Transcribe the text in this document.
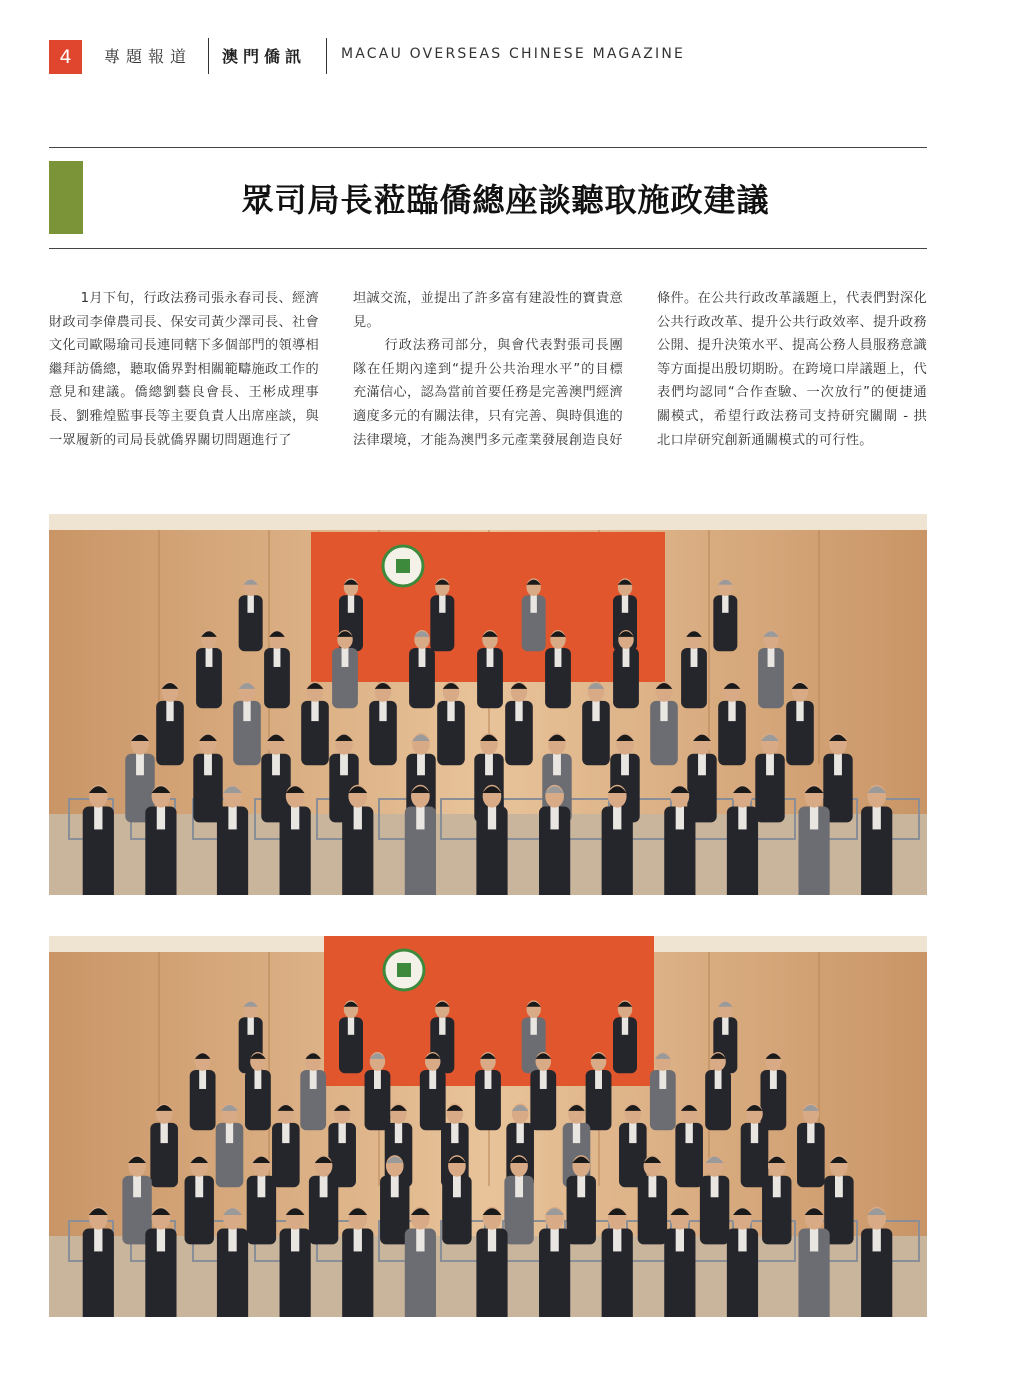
4	專題報道 澳門僑訊 MACAU OVERSEAS CHINESE MAGAZINE
眾司局長蒞臨僑總座談聽取施政建議

1月下旬，行政法務司張永春司長、經濟財政司李偉農司長、保安司黃少澤司長、社會文化司歐陽瑜司長連同轄下多個部門的領導相繼拜訪僑總，聽取僑界對相關範疇施政工作的意見和建議。僑總劉藝良會長、王彬成理事長、劉雅煌監事長等主要負責人出席座談，與一眾履新的司局長就僑界關切問題進行了

坦誠交流，並提出了許多富有建設性的寶貴意見。

行政法務司部分，與會代表對張司長團隊在任期內達到“提升公共治理水平”的目標充滿信心，認為當前首要任務是完善澳門經濟適度多元的有關法律，只有完善、與時俱進的法律環境，才能為澳門多元產業發展創造良好

條件。在公共行政改革議題上，代表們對深化公共行政改革、提升公共行政效率、提升政務公開、提升決策水平、提高公務人員服務意識等方面提出殷切期盼。在跨境口岸議題上，代表們均認同“合作查驗、一次放行”的便捷通關模式，希望行政法務司支持研究關閘 - 拱北口岸研究創新通關模式的可行性。
